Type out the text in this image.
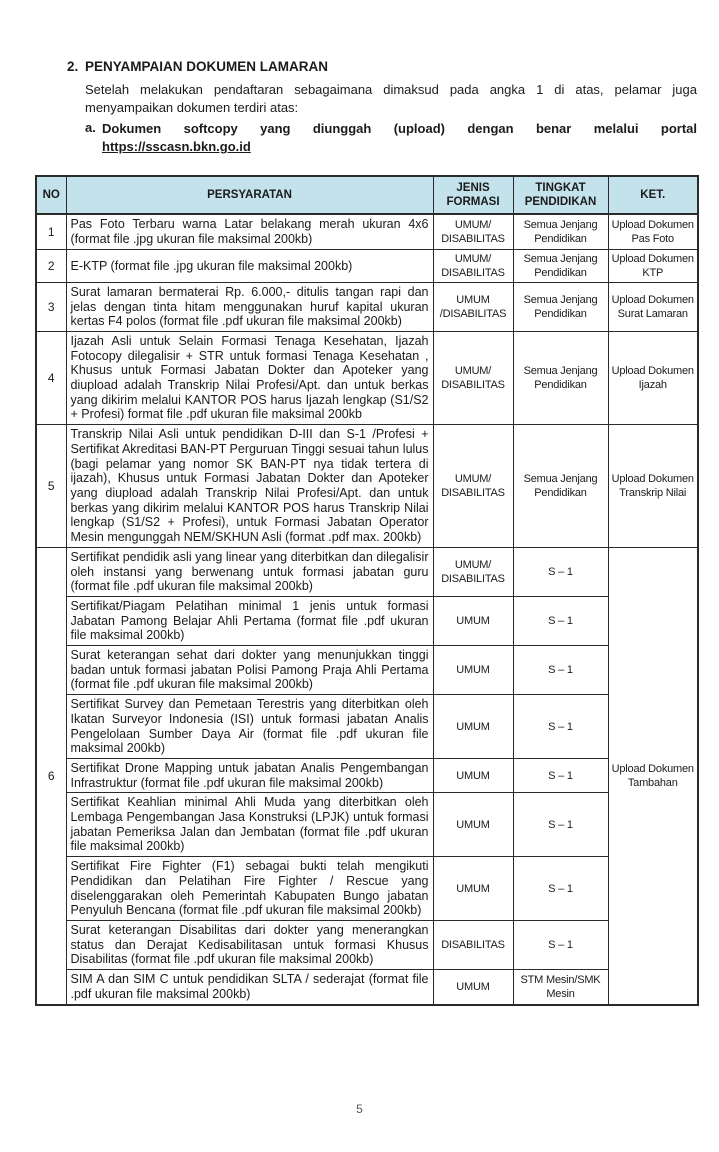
2. PENYAMPAIAN DOKUMEN LAMARAN

Setelah melakukan pendaftaran sebagaimana dimaksud pada angka 1 di atas, pelamar juga menyampaikan dokumen terdiri atas:

a. Dokumen softcopy yang diunggah (upload) dengan benar melalui portal
https://sscasn.bkn.go.id

NO	PERSYARATAN	JENIS FORMASI	TINGKAT PENDIDIKAN	KET.
1	Pas Foto Terbaru warna Latar belakang merah ukuran 4x6 (format file .jpg ukuran file maksimal 200kb)	UMUM/ DISABILITAS	Semua Jenjang Pendidikan	Upload Dokumen Pas Foto
2	E-KTP (format file .jpg ukuran file maksimal 200kb)	UMUM/ DISABILITAS	Semua Jenjang Pendidikan	Upload Dokumen KTP
3	Surat lamaran bermaterai Rp. 6.000,- ditulis tangan rapi dan jelas dengan tinta hitam menggunakan huruf kapital ukuran kertas F4 polos (format file .pdf ukuran file maksimal 200kb)	UMUM /DISABILITAS	Semua Jenjang Pendidikan	Upload Dokumen Surat Lamaran
4	Ijazah Asli untuk Selain Formasi Tenaga Kesehatan, Ijazah Fotocopy dilegalisir + STR untuk formasi Tenaga Kesehatan , Khusus untuk Formasi Jabatan Dokter dan Apoteker yang diupload adalah Transkrip Nilai Profesi/Apt. dan untuk berkas yang dikirim melalui KANTOR POS harus Ijazah lengkap (S1/S2 + Profesi) format file .pdf ukuran file maksimal 200kb	UMUM/ DISABILITAS	Semua Jenjang Pendidikan	Upload Dokumen Ijazah
5	Transkrip Nilai Asli untuk pendidikan D-III dan S-1 /Profesi + Sertifikat Akreditasi BAN-PT Perguruan Tinggi sesuai tahun lulus (bagi pelamar yang nomor SK BAN-PT nya tidak tertera di ijazah), Khusus untuk Formasi Jabatan Dokter dan Apoteker yang diupload adalah Transkrip Nilai Profesi/Apt. dan untuk berkas yang dikirim melalui KANTOR POS harus Transkrip Nilai lengkap (S1/S2 + Profesi), untuk Formasi Jabatan Operator Mesin mengunggah NEM/SKHUN Asli (format .pdf max. 200kb)	UMUM/ DISABILITAS	Semua Jenjang Pendidikan	Upload Dokumen Transkrip Nilai
6	Sertifikat pendidik asli yang linear yang diterbitkan dan dilegalisir oleh instansi yang berwenang untuk formasi jabatan guru (format file .pdf ukuran file maksimal 200kb)	UMUM/ DISABILITAS	S – 1	Upload Dokumen Tambahan
	Sertifikat/Piagam Pelatihan minimal 1 jenis untuk formasi Jabatan Pamong Belajar Ahli Pertama (format file .pdf ukuran file maksimal 200kb)	UMUM	S – 1	
	Surat keterangan sehat dari dokter yang menunjukkan tinggi badan untuk formasi jabatan Polisi Pamong Praja Ahli Pertama (format file .pdf ukuran file maksimal 200kb)	UMUM	S – 1	
	Sertifikat Survey dan Pemetaan Terestris yang diterbitkan oleh Ikatan Surveyor Indonesia (ISI) untuk formasi jabatan Analis Pengelolaan Sumber Daya Air (format file .pdf ukuran file maksimal 200kb)	UMUM	S – 1	
	Sertifikat Drone Mapping untuk jabatan Analis Pengembangan Infrastruktur (format file .pdf ukuran file maksimal 200kb)	UMUM	S – 1	
	Sertifikat Keahlian minimal Ahli Muda yang diterbitkan oleh Lembaga Pengembangan Jasa Konstruksi (LPJK) untuk formasi jabatan Pemeriksa Jalan dan Jembatan (format file .pdf ukuran file maksimal 200kb)	UMUM	S – 1	
	Sertifikat Fire Fighter (F1) sebagai bukti telah mengikuti Pendidikan dan Pelatihan Fire Fighter / Rescue yang diselenggarakan oleh Pemerintah Kabupaten Bungo jabatan Penyuluh Bencana (format file .pdf ukuran file maksimal 200kb)	UMUM	S – 1	
	Surat keterangan Disabilitas dari dokter yang menerangkan status dan Derajat Kedisabilitasan untuk formasi Khusus Disabilitas (format file .pdf ukuran file maksimal 200kb)	DISABILITAS	S – 1	
	SIM A dan SIM C untuk pendidikan SLTA / sederajat (format file .pdf ukuran file maksimal 200kb)	UMUM	STM Mesin/SMK Mesin	
5
